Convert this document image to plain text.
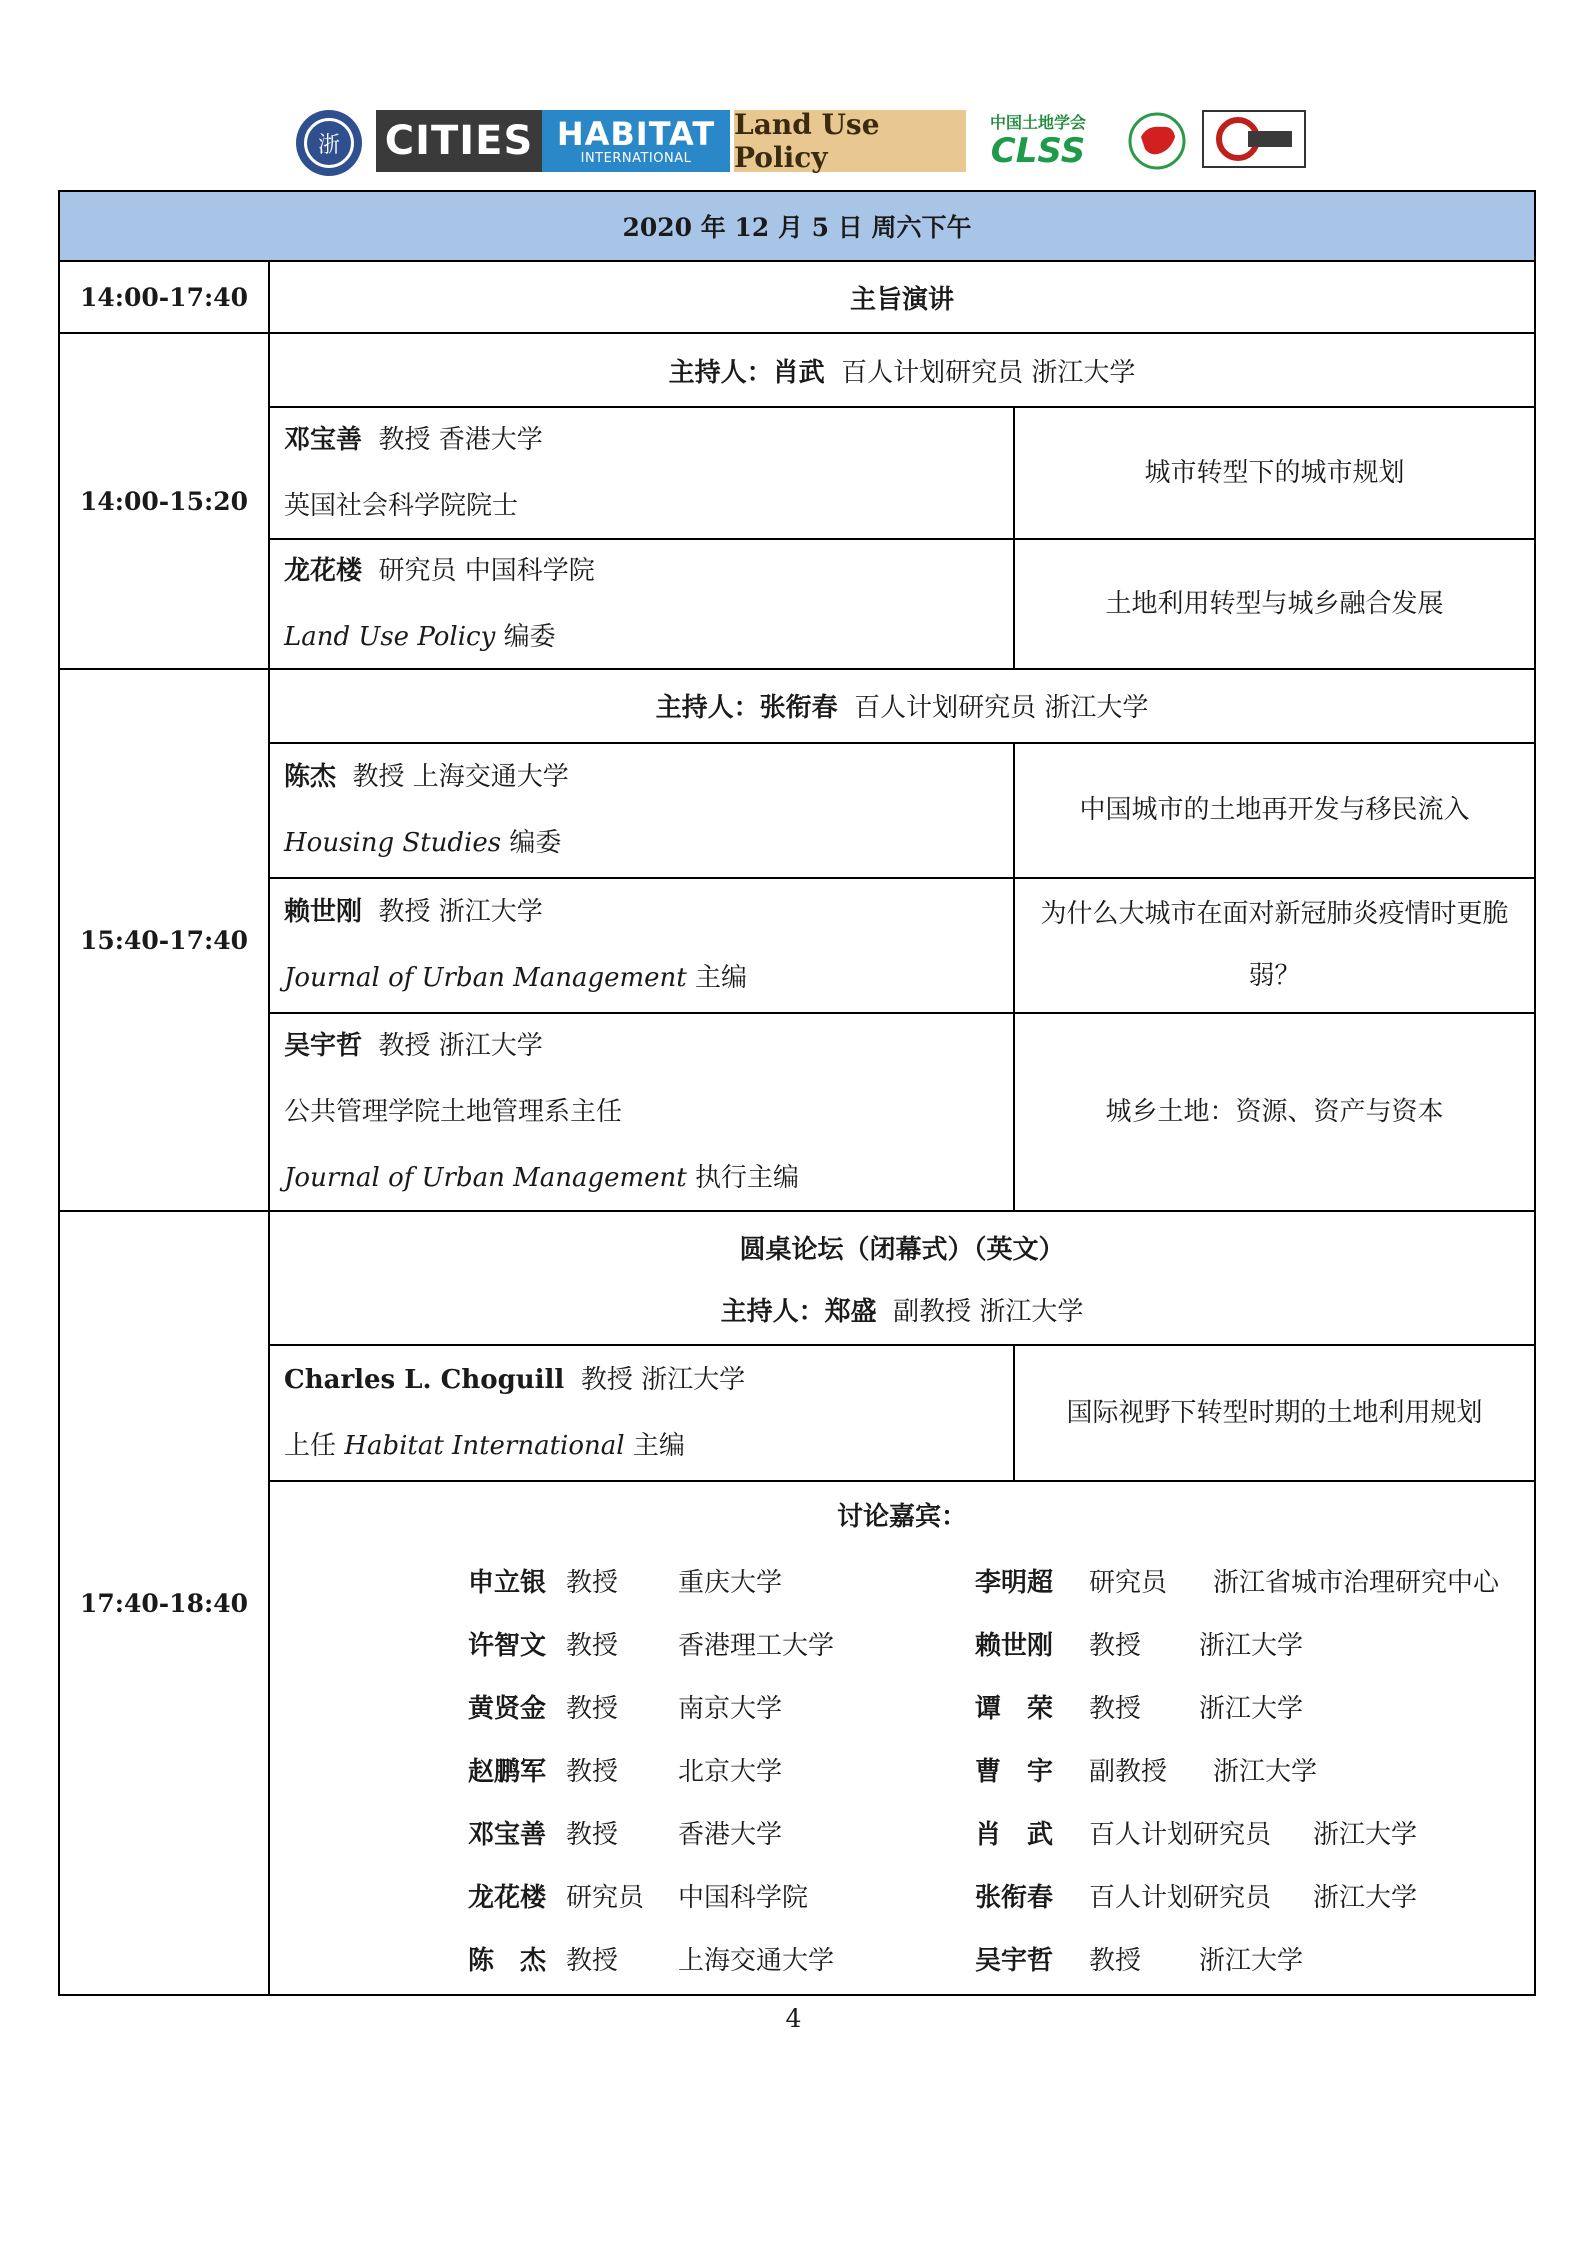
浙 CITIES HABITAT
INTERNATIONAL
Land Use Policy
中国土地学会
CLSS
2020 年 12 月 5 日 周六下午
14:00-17:40	主旨演讲
14:00-15:20
主持人： 肖武
百人计划研究员 浙江大学
邓宝善 教授 香港大学
英国社会科学院院士
城市转型下的城市规划
龙花楼 研究员 中国科学院
Land Use Policy 编委
土地利用转型与城乡融合发展
15:40-17:40
主持人： 张衔春
百人计划研究员 浙江大学
陈杰 教授 上海交通大学
Housing Studies 编委
中国城市的土地再开发与移民流入
赖世刚 教授 浙江大学
Journal of Urban Management 主编
为什么大城市在面对新冠肺炎疫情时更脆弱？
吴宇哲 教授 浙江大学
公共管理学院土地管理系主任
Journal of Urban Management 执行主编
城乡土地：资源、资产与资本
17:40-18:40
圆桌论坛（闭幕式）（英文）
主持人： 郑盛
副教授 浙江大学
Charles L. Choguill 教授 浙江大学
上任 Habitat International 主编
国际视野下转型时期的土地利用规划
讨论嘉宾：
申立银 教授 重庆大学
许智文 教授 香港理工大学
黄贤金 教授 南京大学
赵鹏军 教授 北京大学
邓宝善 教授 香港大学
龙花楼 研究员 中国科学院
陈　杰 教授 上海交通大学
李明超 研究员 浙江省城市治理研究中心
赖世刚 教授 浙江大学
谭　荣 教授 浙江大学
曹　宇 副教授 浙江大学
肖　武 百人计划研究员 浙江大学
张衔春 百人计划研究员 浙江大学
吴宇哲 教授 浙江大学
4
